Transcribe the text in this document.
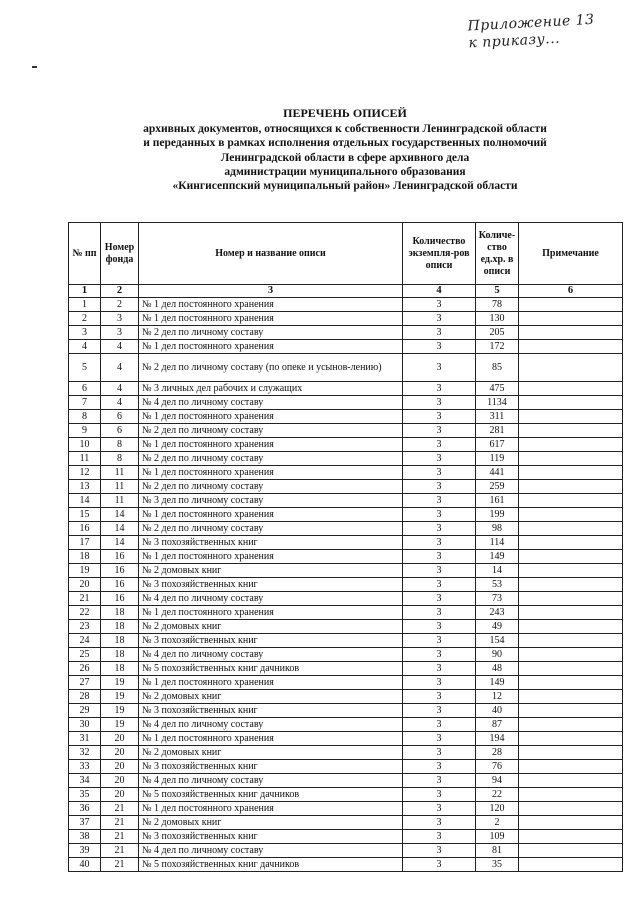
Приложение 13
к приказу...
ПЕРЕЧЕНЬ ОПИСЕЙ
архивных документов, относящихся к собственности Ленинградской области
и переданных в рамках исполнения отдельных государственных полномочий
Ленинградской области в сфере архивного дела
администрации муниципального образования
«Кингисеппский муниципальный район» Ленинградской области
№ пп	Номер фонда	Номер и название описи	Количество экземпля-ров описи	Количе-ство ед.хр. в описи	Примечание
1	2	3	4	5	6
1	2	№ 1 дел постоянного хранения	3	78	
2	3	№ 1 дел постоянного хранения	3	130	
3	3	№ 2 дел по личному составу	3	205	
4	4	№ 1 дел постоянного хранения	3	172	
5	4	№ 2 дел по личному составу (по опеке и усынов-лению)	3	85	
6	4	№ 3 личных дел рабочих и служащих	3	475	
7	4	№ 4 дел по личному составу	3	1134	
8	6	№ 1 дел постоянного хранения	3	311	
9	6	№ 2 дел по личному составу	3	281	
10	8	№ 1 дел постоянного хранения	3	617	
11	8	№ 2 дел по личному составу	3	119	
12	11	№ 1 дел постоянного хранения	3	441	
13	11	№ 2 дел по личному составу	3	259	
14	11	№ 3 дел по личному составу	3	161	
15	14	№ 1 дел постоянного хранения	3	199	
16	14	№ 2 дел по личному составу	3	98	
17	14	№ 3 похозяйственных книг	3	114	
18	16	№ 1 дел постоянного хранения	3	149	
19	16	№ 2 домовых книг	3	14	
20	16	№ 3 похозяйственных книг	3	53	
21	16	№ 4 дел по личному составу	3	73	
22	18	№ 1 дел постоянного хранения	3	243	
23	18	№ 2 домовых книг	3	49	
24	18	№ 3 похозяйственных книг	3	154	
25	18	№ 4 дел по личному составу	3	90	
26	18	№ 5 похозяйственных книг дачников	3	48	
27	19	№ 1 дел постоянного хранения	3	149	
28	19	№ 2 домовых книг	3	12	
29	19	№ 3 похозяйственных книг	3	40	
30	19	№ 4 дел по личному составу	3	87	
31	20	№ 1 дел постоянного хранения	3	194	
32	20	№ 2 домовых книг	3	28	
33	20	№ 3 похозяйственных книг	3	76	
34	20	№ 4 дел по личному составу	3	94	
35	20	№ 5 похозяйственных книг дачников	3	22	
36	21	№ 1 дел постоянного хранения	3	120	
37	21	№ 2 домовых книг	3	2	
38	21	№ 3 похозяйственных книг	3	109	
39	21	№ 4 дел по личному составу	3	81	
40	21	№ 5 похозяйственных книг дачников	3	35	
